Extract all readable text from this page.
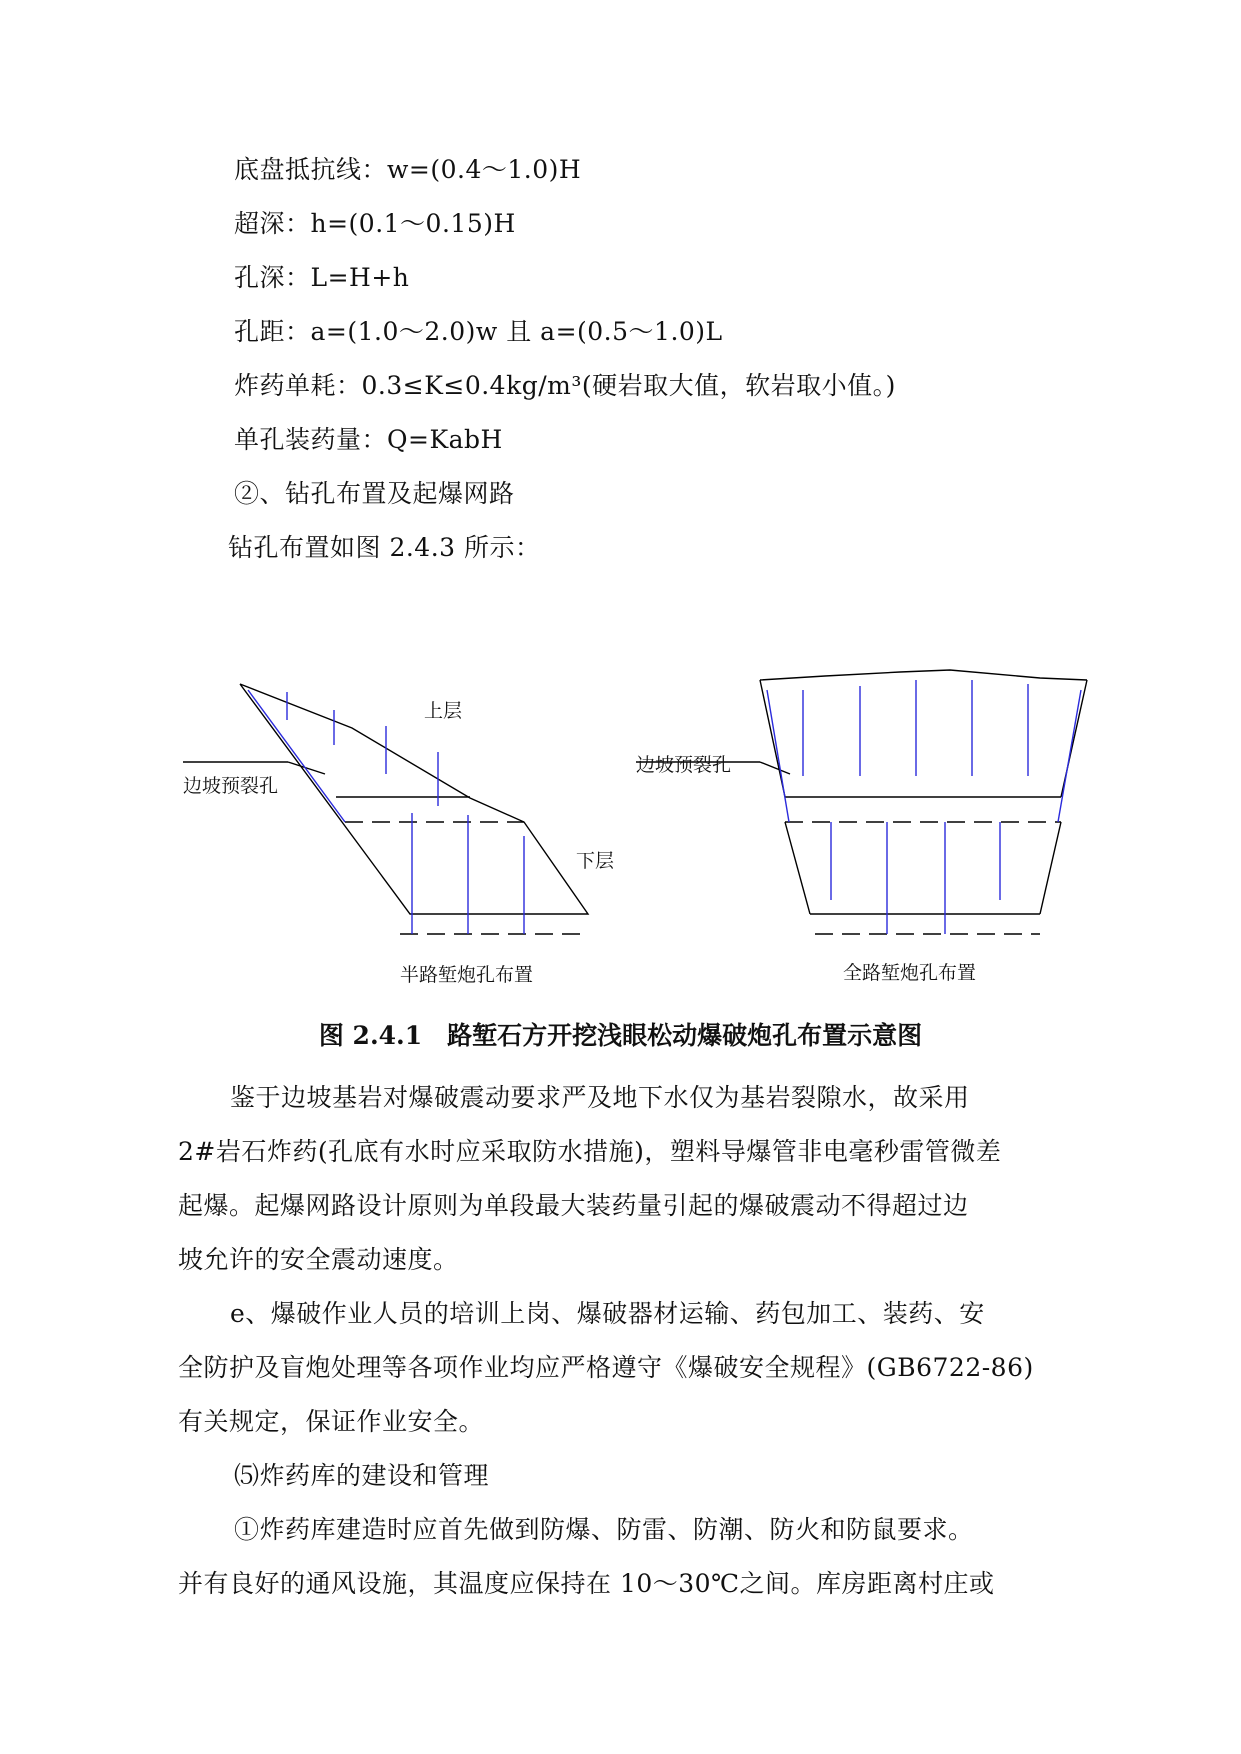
底盘抵抗线：w=(0.4～1.0)H
超深：h=(0.1～0.15)H
孔深：L=H+h
孔距：a=(1.0～2.0)w 且 a=(0.5～1.0)L
炸药单耗：0.3≤K≤0.4kg/m³(硬岩取大值，软岩取小值。)
单孔装药量：Q=KabH
②、钻孔布置及起爆网路
钻孔布置如图 2.4.3 所示：
上层
边坡预裂孔
下层
半路堑炮孔布置
边坡预裂孔
全路堑炮孔布置
图 2.4.1　路堑石方开挖浅眼松动爆破炮孔布置示意图
鉴于边坡基岩对爆破震动要求严及地下水仅为基岩裂隙水，故采用
2#岩石炸药(孔底有水时应采取防水措施)，塑料导爆管非电毫秒雷管微差
起爆。起爆网路设计原则为单段最大装药量引起的爆破震动不得超过边
坡允许的安全震动速度。
e、爆破作业人员的培训上岗、爆破器材运输、药包加工、装药、安
全防护及盲炮处理等各项作业均应严格遵守《爆破安全规程》(GB6722-86)
有关规定，保证作业安全。
⑸炸药库的建设和管理
①炸药库建造时应首先做到防爆、防雷、防潮、防火和防鼠要求。
并有良好的通风设施，其温度应保持在 10～30℃之间。库房距离村庄或
